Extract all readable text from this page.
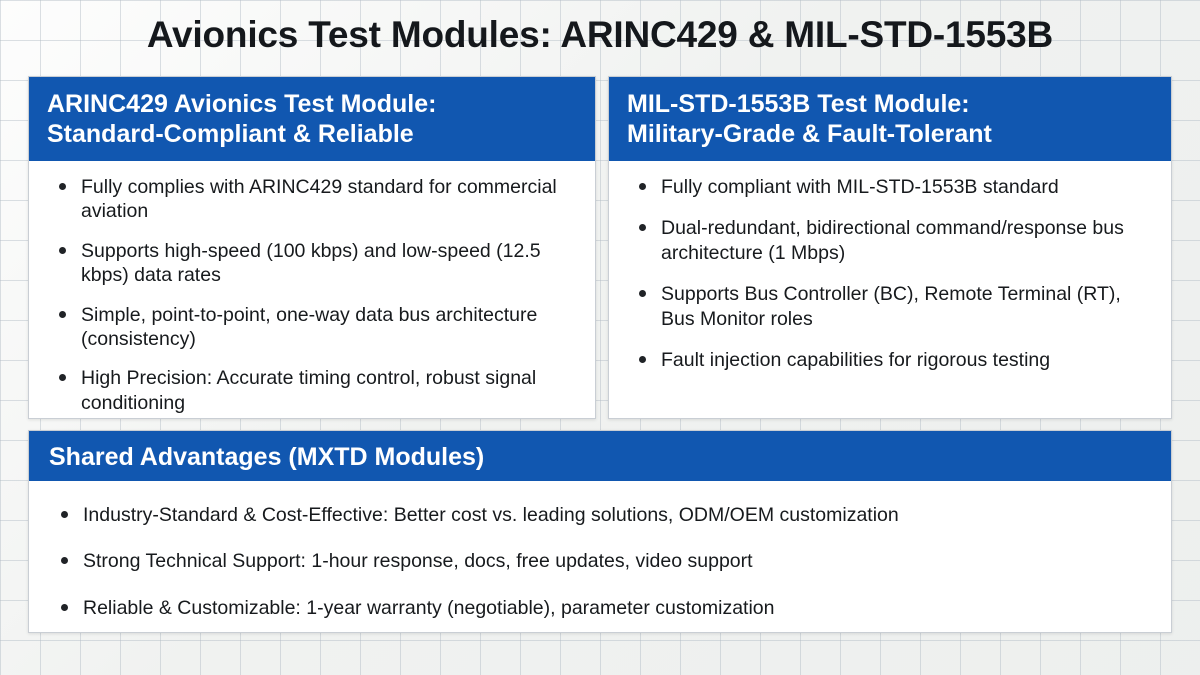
Avionics Test Modules: ARINC429 & MIL-STD-1553B
ARINC429 Avionics Test Module:
Standard-Compliant & Reliable
Fully complies with ARINC429 standard for commercial aviation
Supports high-speed (100 kbps) and low-speed (12.5 kbps) data rates
Simple, point-to-point, one-way data bus architecture (consistency)
High Precision: Accurate timing control, robust signal conditioning
MIL-STD-1553B Test Module:
Military-Grade & Fault-Tolerant
Fully compliant with MIL-STD-1553B standard
Dual-redundant, bidirectional command/response bus architecture (1 Mbps)
Supports Bus Controller (BC), Remote Terminal (RT), Bus Monitor roles
Fault injection capabilities for rigorous testing
Shared Advantages (MXTD Modules)
Industry-Standard & Cost-Effective: Better cost vs. leading solutions, ODM/OEM customization
Strong Technical Support: 1-hour response, docs, free updates, video support
Reliable & Customizable: 1-year warranty (negotiable), parameter customization
